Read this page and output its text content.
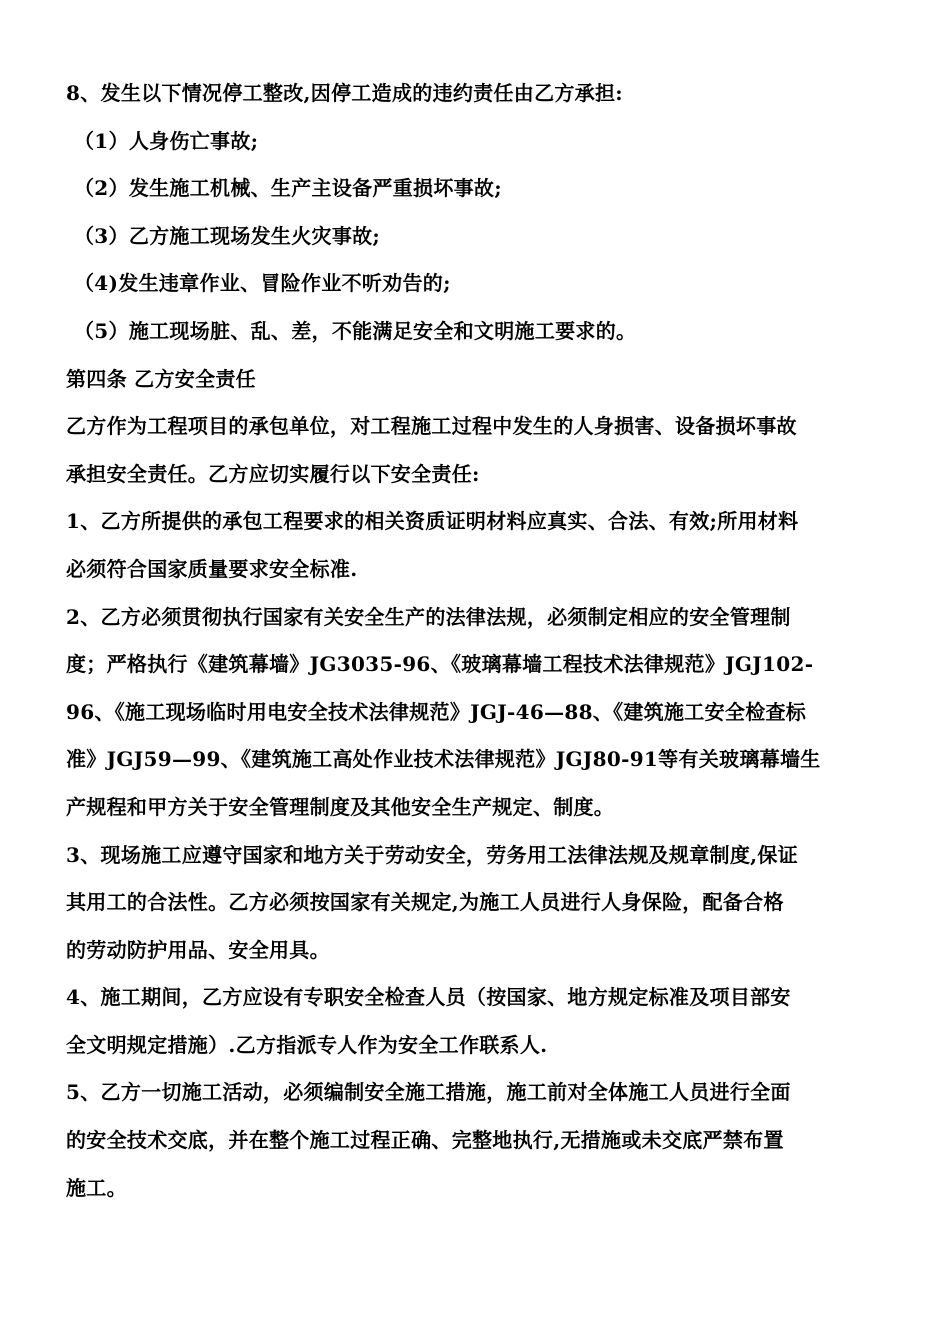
8、发生以下情况停工整改,因停工造成的违约责任由乙方承担:
（1）人身伤亡事故;
（2）发生施工机械、生产主设备严重损坏事故;
（3）乙方施工现场发生火灾事故;
（4)发生违章作业、冒险作业不听劝告的;
（5）施工现场脏、乱、差，不能满足安全和文明施工要求的。
第四条 乙方安全责任
乙方作为工程项目的承包单位，对工程施工过程中发生的人身损害、设备损坏事故
承担安全责任。乙方应切实履行以下安全责任:
1、乙方所提供的承包工程要求的相关资质证明材料应真实、合法、有效;所用材料
必须符合国家质量要求安全标准.
2、乙方必须贯彻执行国家有关安全生产的法律法规，必须制定相应的安全管理制
度；严格执行《建筑幕墙》JG3035-96、《玻璃幕墙工程技术法律规范》JGJ102-
96、《施工现场临时用电安全技术法律规范》JGJ-46—88、《建筑施工安全检查标
准》JGJ59—99、《建筑施工高处作业技术法律规范》JGJ80-91等有关玻璃幕墙生
产规程和甲方关于安全管理制度及其他安全生产规定、制度。
3、现场施工应遵守国家和地方关于劳动安全，劳务用工法律法规及规章制度,保证
其用工的合法性。乙方必须按国家有关规定,为施工人员进行人身保险，配备合格
的劳动防护用品、安全用具。
4、施工期间，乙方应设有专职安全检查人员（按国家、地方规定标准及项目部安
全文明规定措施）.乙方指派专人作为安全工作联系人.
5、乙方一切施工活动，必须编制安全施工措施，施工前对全体施工人员进行全面
的安全技术交底，并在整个施工过程正确、完整地执行,无措施或未交底严禁布置
施工。
